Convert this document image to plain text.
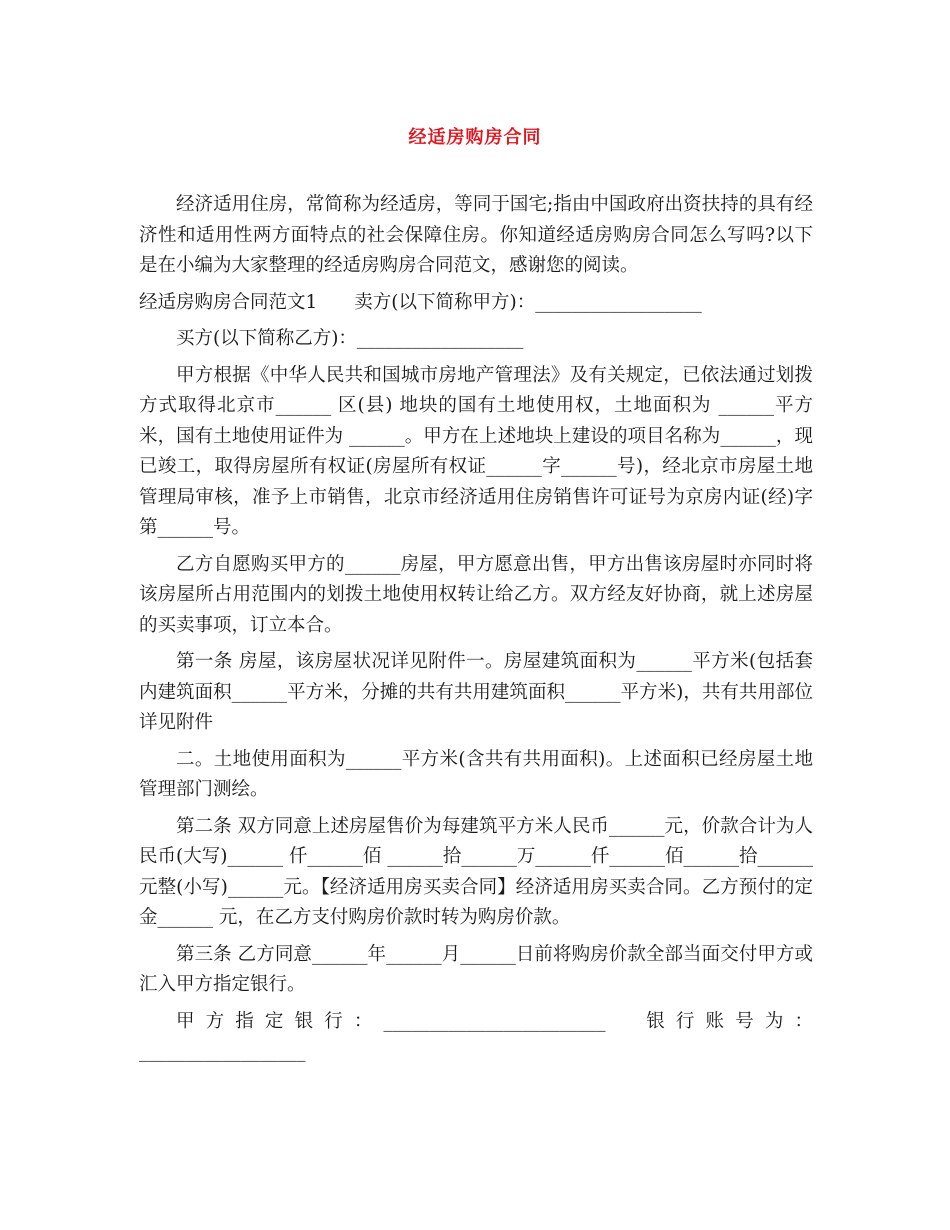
经适房购房合同

经济适用住房，常简称为经适房，等同于国宅;指由中国政府出资扶持的具有经济性和适用性两方面特点的社会保障住房。你知道经适房购房合同怎么写吗?以下是在小编为大家整理的经适房购房合同范文，感谢您的阅读。

经适房购房合同范文1　　卖方(以下简称甲方)：__________________

买方(以下简称乙方)：__________________

甲方根据《中华人民共和国城市房地产管理法》及有关规定，已依法通过划拨方式取得北京市______ 区(县) 地块的国有土地使用权，土地面积为 ______平方米，国有土地使用证件为 ______。甲方在上述地块上建设的项目名称为______，现已竣工，取得房屋所有权证(房屋所有权证______字______号)，经北京市房屋土地管理局审核，准予上市销售，北京市经济适用住房销售许可证号为京房内证(经)字第______号。

乙方自愿购买甲方的______房屋，甲方愿意出售，甲方出售该房屋时亦同时将该房屋所占用范围内的划拨土地使用权转让给乙方。双方经友好协商，就上述房屋的买卖事项，订立本合。

第一条 房屋，该房屋状况详见附件一。房屋建筑面积为______平方米(包括套内建筑面积______平方米，分摊的共有共用建筑面积______平方米)，共有共用部位详见附件

二。土地使用面积为______平方米(含共有共用面积)。上述面积已经房屋土地管理部门测绘。

第二条 双方同意上述房屋售价为每建筑平方米人民币______元，价款合计为人民币(大写)______ 仟______佰 ______拾______万______仟______佰______拾______元整(小写)______元。【经济适用房买卖合同】经济适用房买卖合同。乙方预付的定金______ 元，在乙方支付购房价款时转为购房价款。

第三条 乙方同意______年______月______日前将购房价款全部当面交付甲方或汇入甲方指定银行。

甲方指定银行：________________________　银行账号为：__________________
